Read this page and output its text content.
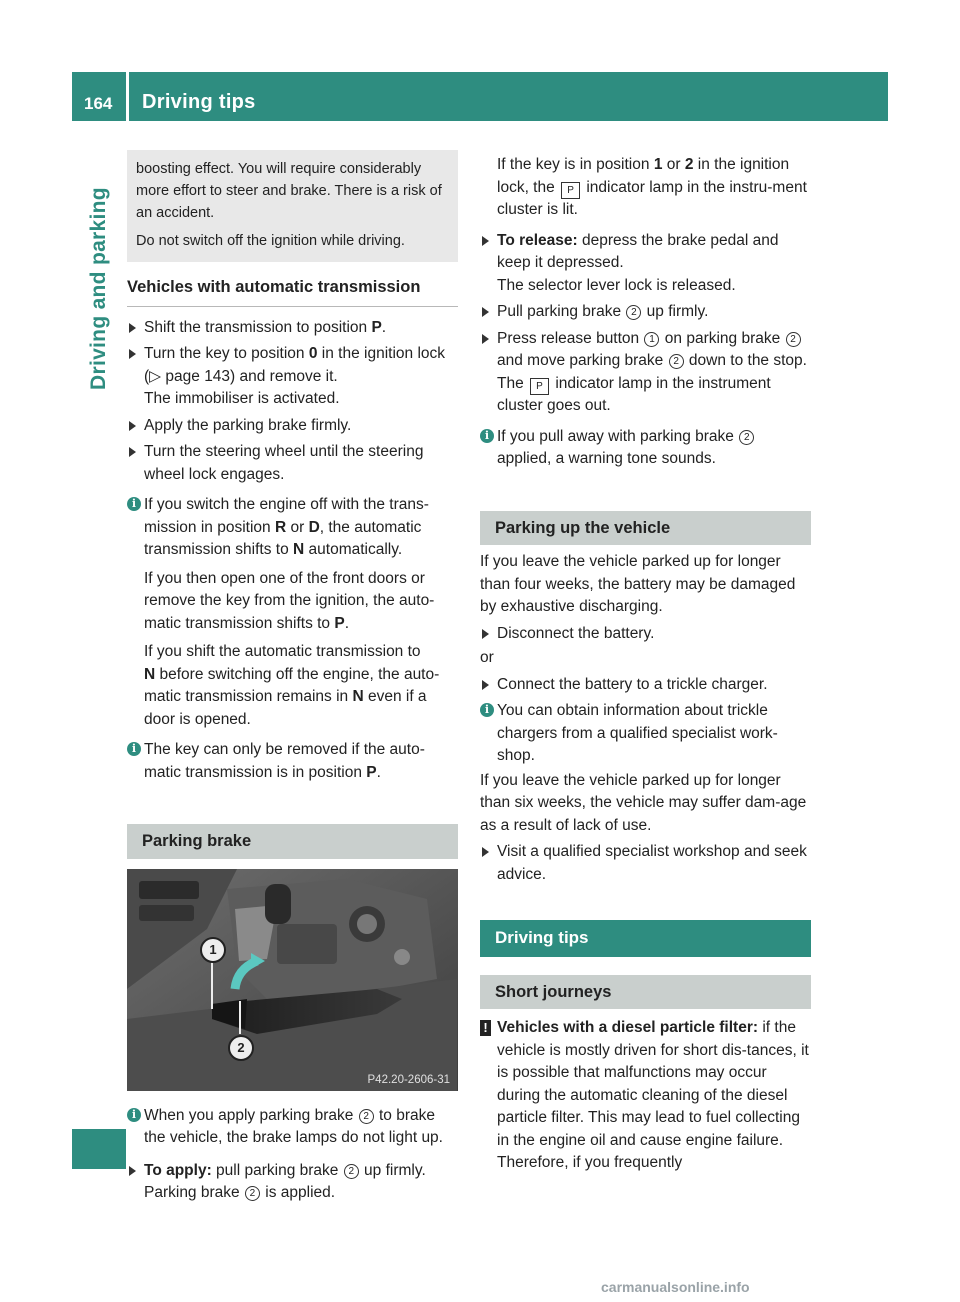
164 Driving tips
Driving and parking

boosting effect. You will require considerably more effort to steer and brake. There is a risk of an accident.

Do not switch off the ignition while driving.

Vehicles with automatic transmission

Shift the transmission to position P.

Turn the key to position 0 in the ignition lock (▷ page 143) and remove it.
The immobiliser is activated.

Apply the parking brake firmly.

Turn the steering wheel until the steering wheel lock engages.

i If you switch the engine off with the trans-mission in position R or D, the automatic transmission shifts to N automatically.

If you then open one of the front doors or remove the key from the ignition, the auto-matic transmission shifts to P.

If you shift the automatic transmission to
N before switching off the engine, the auto-matic transmission remains in N even if a door is opened.

i The key can only be removed if the auto-matic transmission is in position P.

Parking brake
1
2
P42.20-2606-31
i When you apply parking brake 2 to brake the vehicle, the brake lamps do not light up.

To apply: pull parking brake 2 up firmly.
Parking brake 2 is applied.

If the key is in position 1 or 2 in the ignition lock, the P indicator lamp in the instru-ment cluster is lit.

To release: depress the brake pedal and keep it depressed.
The selector lever lock is released.

Pull parking brake 2 up firmly.

Press release button 1 on parking brake 2 and move parking brake 2 down to the stop.
The P indicator lamp in the instrument cluster goes out.

i If you pull away with parking brake 2 applied, a warning tone sounds.

Parking up the vehicle

If you leave the vehicle parked up for longer than four weeks, the battery may be damaged by exhaustive discharging.

Disconnect the battery.

or

Connect the battery to a trickle charger.

i You can obtain information about trickle chargers from a qualified specialist work-shop.

If you leave the vehicle parked up for longer than six weeks, the vehicle may suffer dam-age as a result of lack of use.

Visit a qualified specialist workshop and seek advice.

Driving tips
Short journeys
! Vehicles with a diesel particle filter: if the vehicle is mostly driven for short dis-tances, it is possible that malfunctions may occur during the automatic cleaning of the diesel particle filter. This may lead to fuel collecting in the engine oil and cause engine failure. Therefore, if you frequently

carmanualsonline.info
